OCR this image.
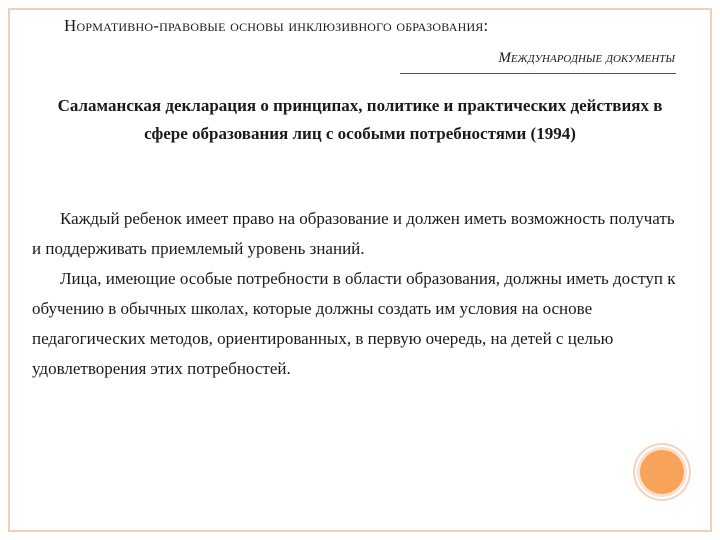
Нормативно-правовые основы инклюзивного образования:
Международные документы
Саламанская декларация о принципах, политике и практических действиях в сфере образования лиц с особыми потребностями (1994)

Каждый ребенок имеет право на образование и должен иметь возможность получать и поддерживать приемлемый уровень знаний.

Лица, имеющие особые потребности в области образования, должны иметь доступ к обучению в обычных школах, которые должны создать им условия на основе педагогических методов, ориентированных, в первую очередь, на детей с целью удовлетворения этих потребностей.
